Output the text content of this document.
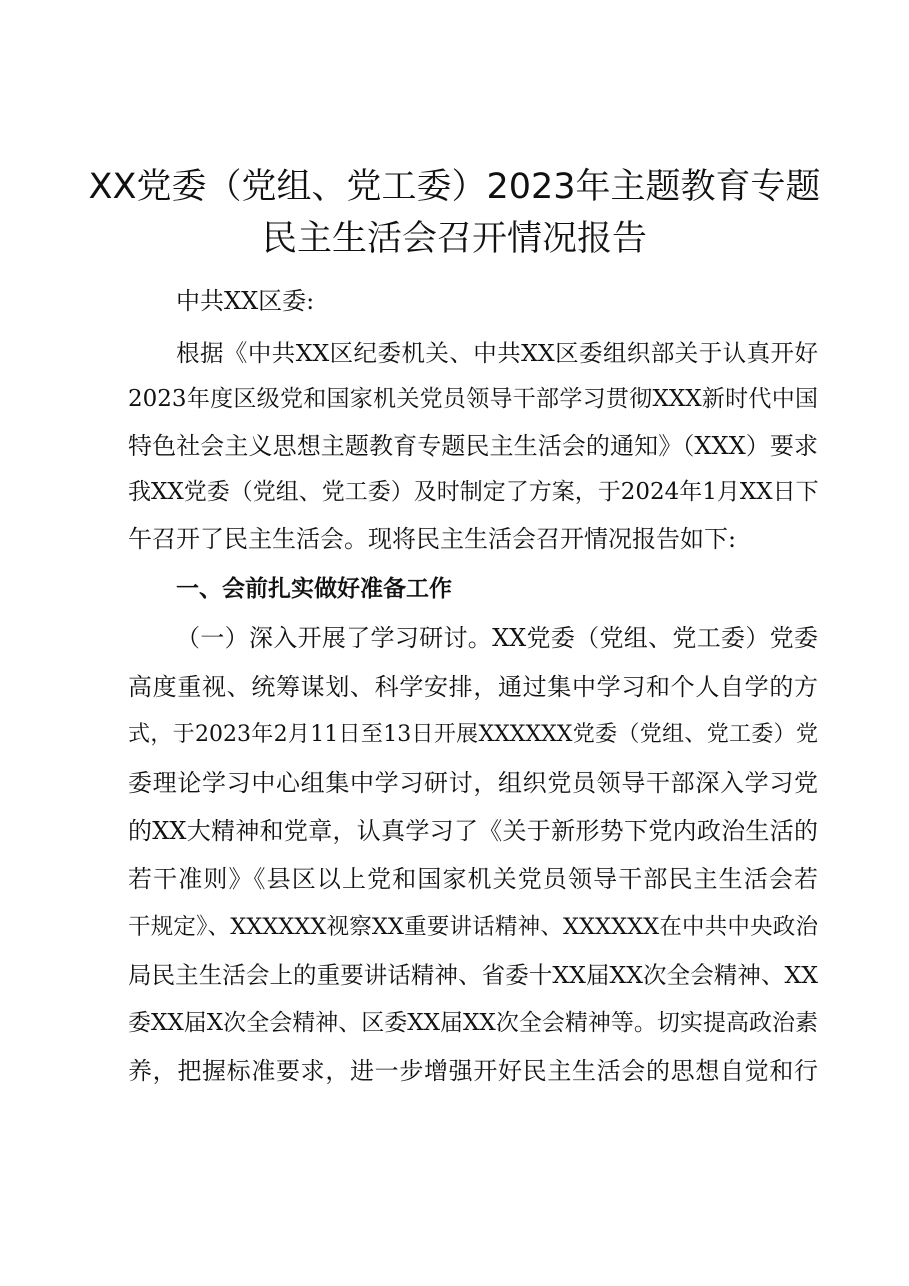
XX党委（党组、党工委）2023年主题教育专题
民主生活会召开情况报告

中共XX区委:

根据《中共XX区纪委机关、中共XX区委组织部关于认真开好

2023年度区级党和国家机关党员领导干部学习贯彻XXX新时代中国

特色社会主义思想主题教育专题民主生活会的通知》（XXX）要求

我XX党委（党组、党工委）及时制定了方案，于2024年1月XX日下

午召开了民主生活会。现将民主生活会召开情况报告如下:

一、会前扎实做好准备工作

（一）深入开展了学习研讨。XX党委（党组、党工委）党委

高度重视、统筹谋划、科学安排，通过集中学习和个人自学的方

式，于2023年2月11日至13日开展XXXXXX党委（党组、党工委）党

委理论学习中心组集中学习研讨，组织党员领导干部深入学习党

的XX大精神和党章，认真学习了《关于新形势下党内政治生活的

若干准则》《县区以上党和国家机关党员领导干部民主生活会若

干规定》、XXXXXX视察XX重要讲话精神、XXXXXX在中共中央政治

局民主生活会上的重要讲话精神、省委十XX届XX次全会精神、XX

委XX届X次全会精神、区委XX届XX次全会精神等。切实提高政治素

养，把握标准要求，进一步增强开好民主生活会的思想自觉和行
